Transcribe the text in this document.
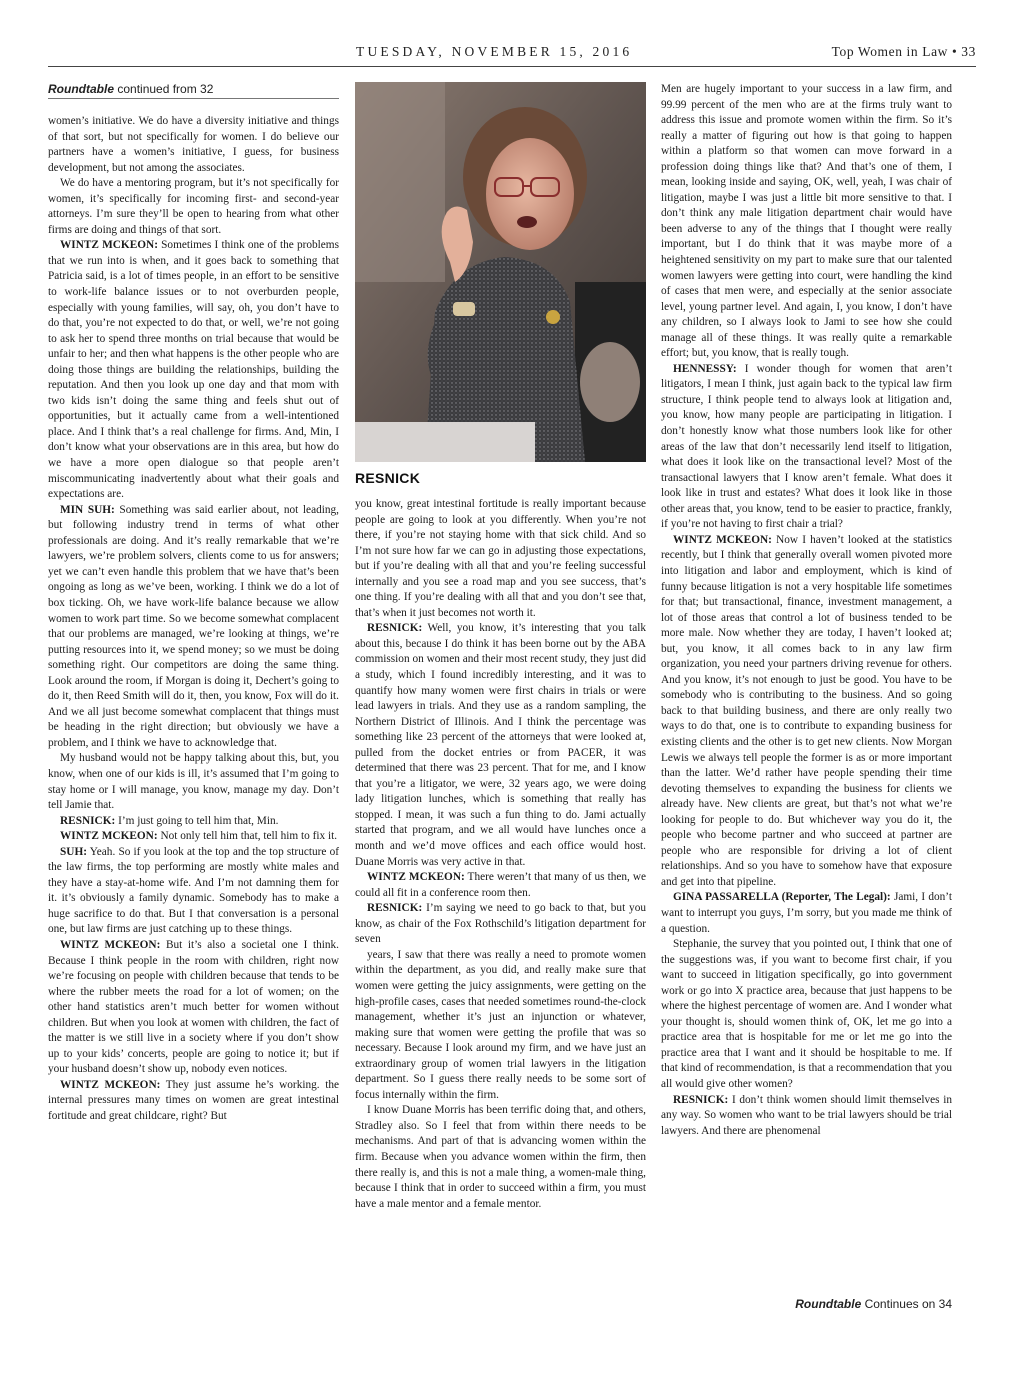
TUESDAY, NOVEMBER 15, 2016	Top Women in Law • 33
Roundtable continued from 32

women’s initiative. We do have a diversity initiative and things of that sort, but not specifically for women. I do believe our partners have a women’s initiative, I guess, for business development, but not among the associates.

We do have a mentoring program, but it’s not specifically for women, it’s specifically for incoming first- and second-year attorneys. I’m sure they’ll be open to hearing from what other firms are doing and things of that sort.

WINTZ MCKEON: Sometimes I think one of the problems that we run into is when, and it goes back to something that Patricia said, is a lot of times people, in an effort to be sensitive to work-life balance issues or to not overburden people, especially with young families, will say, oh, you don’t have to do that, you’re not expected to do that, or well, we’re not going to ask her to spend three months on trial because that would be unfair to her; and then what happens is the other people who are doing those things are building the relationships, building the reputation. And then you look up one day and that mom with two kids isn’t doing the same thing and feels shut out of opportunities, but it actually came from a well-intentioned place. And I think that’s a real challenge for firms. And, Min, I don’t know what your observations are in this area, but how do we have a more open dialogue so that people aren’t miscommunicating inadvertently about what their goals and expectations are.

MIN SUH: Something was said earlier about, not leading, but following industry trend in terms of what other professionals are doing. And it’s really remarkable that we’re lawyers, we’re problem solvers, clients come to us for answers; yet we can’t even handle this problem that we have that’s been ongoing as long as we’ve been, working. I think we do a lot of box ticking. Oh, we have work-life balance because we allow women to work part time. So we become somewhat complacent that our problems are managed, we’re looking at things, we’re putting resources into it, we spend money; so we must be doing something right. Our competitors are doing the same thing. Look around the room, if Morgan is doing it, Dechert’s going to do it, then Reed Smith will do it, then, you know, Fox will do it. And we all just become somewhat complacent that things must be heading in the right direction; but obviously we have a problem, and I think we have to acknowledge that.

My husband would not be happy talking about this, but, you know, when one of our kids is ill, it’s assumed that I’m going to stay home or I will manage, you know, manage my day. Don’t tell Jamie that.

RESNICK: I’m just going to tell him that, Min.

WINTZ MCKEON: Not only tell him that, tell him to fix it.

SUH: Yeah. So if you look at the top and the top structure of the law firms, the top performing are mostly white males and they have a stay-at-home wife. And I’m not damning them for it. it’s obviously a family dynamic. Somebody has to make a huge sacrifice to do that. But I that conversation is a personal one, but law firms are just catching up to these things.

WINTZ MCKEON: But it’s also a societal one I think. Because I think people in the room with children, right now we’re focusing on people with children because that tends to be where the rubber meets the road for a lot of women; on the other hand statistics aren’t much better for women without children. But when you look at women with children, the fact of the matter is we still live in a society where if you don’t show up to your kids’ concerts, people are going to notice it; but if your husband doesn’t show up, nobody even notices.

WINTZ MCKEON: They just assume he’s working. the internal pressures many times on women are great intestinal fortitude and great childcare, right? But

RESNICK

you know, great intestinal fortitude is really important because people are going to look at you differently. When you’re not there, if you’re not staying home with that sick child. And so I’m not sure how far we can go in adjusting those expectations, but if you’re dealing with all that and you’re feeling successful internally and you see a road map and you see success, that’s one thing. If you’re dealing with all that and you don’t see that, that’s when it just becomes not worth it.

RESNICK: Well, you know, it’s interesting that you talk about this, because I do think it has been borne out by the ABA commission on women and their most recent study, they just did a study, which I found incredibly interesting, and it was to quantify how many women were first chairs in trials or were lead lawyers in trials. And they use as a random sampling, the Northern District of Illinois. And I think the percentage was something like 23 percent of the attorneys that were looked at, pulled from the docket entries or from PACER, it was determined that there was 23 percent. That for me, and I know that you’re a litigator, we were, 32 years ago, we were doing lady litigation lunches, which is something that really has stopped. I mean, it was such a fun thing to do. Jami actually started that program, and we all would have lunches once a month and we’d move offices and each office would host. Duane Morris was very active in that.

WINTZ MCKEON: There weren’t that many of us then, we could all fit in a conference room then.

RESNICK: I’m saying we need to go back to that, but you know, as chair of the Fox Rothschild’s litigation department for seven

years, I saw that there was really a need to promote women within the department, as you did, and really make sure that women were getting the juicy assignments, were getting on the high-profile cases, cases that needed sometimes round-the-clock management, whether it’s just an injunction or whatever, making sure that women were getting the profile that was so necessary. Because I look around my firm, and we have just an extraordinary group of women trial lawyers in the litigation department. So I guess there really needs to be some sort of focus internally within the firm.

I know Duane Morris has been terrific doing that, and others, Stradley also. So I feel that from within there needs to be mechanisms. And part of that is advancing women within the firm. Because when you advance women within the firm, then there really is, and this is not a male thing, a women-male thing, because I think that in order to succeed within a firm, you must have a male mentor and a female mentor.

Men are hugely important to your success in a law firm, and 99.99 percent of the men who are at the firms truly want to address this issue and promote women within the firm. So it’s really a matter of figuring out how is that going to happen within a platform so that women can move forward in a profession doing things like that? And that’s one of them, I mean, looking inside and saying, OK, well, yeah, I was chair of litigation, maybe I was just a little bit more sensitive to that. I don’t think any male litigation department chair would have been adverse to any of the things that I thought were really important, but I do think that it was maybe more of a heightened sensitivity on my part to make sure that our talented women lawyers were getting into court, were handling the kind of cases that men were, and especially at the senior associate level, young partner level. And again, I, you know, I don’t have any children, so I always look to Jami to see how she could manage all of these things. It was really quite a remarkable effort; but, you know, that is really tough.

HENNESSY: I wonder though for women that aren’t litigators, I mean I think, just again back to the typical law firm structure, I think people tend to always look at litigation and, you know, how many people are participating in litigation. I don’t honestly know what those numbers look like for other areas of the law that don’t necessarily lend itself to litigation, what does it look like on the transactional level? Most of the transactional lawyers that I know aren’t female. What does it look like in trust and estates? What does it look like in those other areas that, you know, tend to be easier to practice, frankly, if you’re not having to first chair a trial?

WINTZ MCKEON: Now I haven’t looked at the statistics recently, but I think that generally overall women pivoted more into litigation and labor and employment, which is kind of funny because litigation is not a very hospitable life sometimes for that; but transactional, finance, investment management, a lot of those areas that control a lot of business tended to be more male. Now whether they are today, I haven’t looked at; but, you know, it all comes back to in any law firm organization, you need your partners driving revenue for others. And you know, it’s not enough to just be good. You have to be somebody who is contributing to the business. And so going back to that building business, and there are only really two ways to do that, one is to contribute to expanding business for existing clients and the other is to get new clients. Now Morgan Lewis we always tell people the former is as or more important than the latter. We’d rather have people spending their time devoting themselves to expanding the business for clients we already have. New clients are great, but that’s not what we’re looking for people to do. But whichever way you do it, the people who become partner and who succeed at partner are people who are responsible for driving a lot of client relationships. And so you have to somehow have that exposure and get into that pipeline.

GINA PASSARELLA (Reporter, The Legal): Jami, I don’t want to interrupt you guys, I’m sorry, but you made me think of a question.

Stephanie, the survey that you pointed out, I think that one of the suggestions was, if you want to become first chair, if you want to succeed in litigation specifically, go into government work or go into X practice area, because that just happens to be where the highest percentage of women are. And I wonder what your thought is, should women think of, OK, let me go into a practice area that is hospitable for me or let me go into the practice area that I want and it should be hospitable to me. If that kind of recommendation, is that a recommendation that you all would give other women?

RESNICK: I don’t think women should limit themselves in any way. So women who want to be trial lawyers should be trial lawyers. And there are phenomenal

Roundtable Continues on 34
